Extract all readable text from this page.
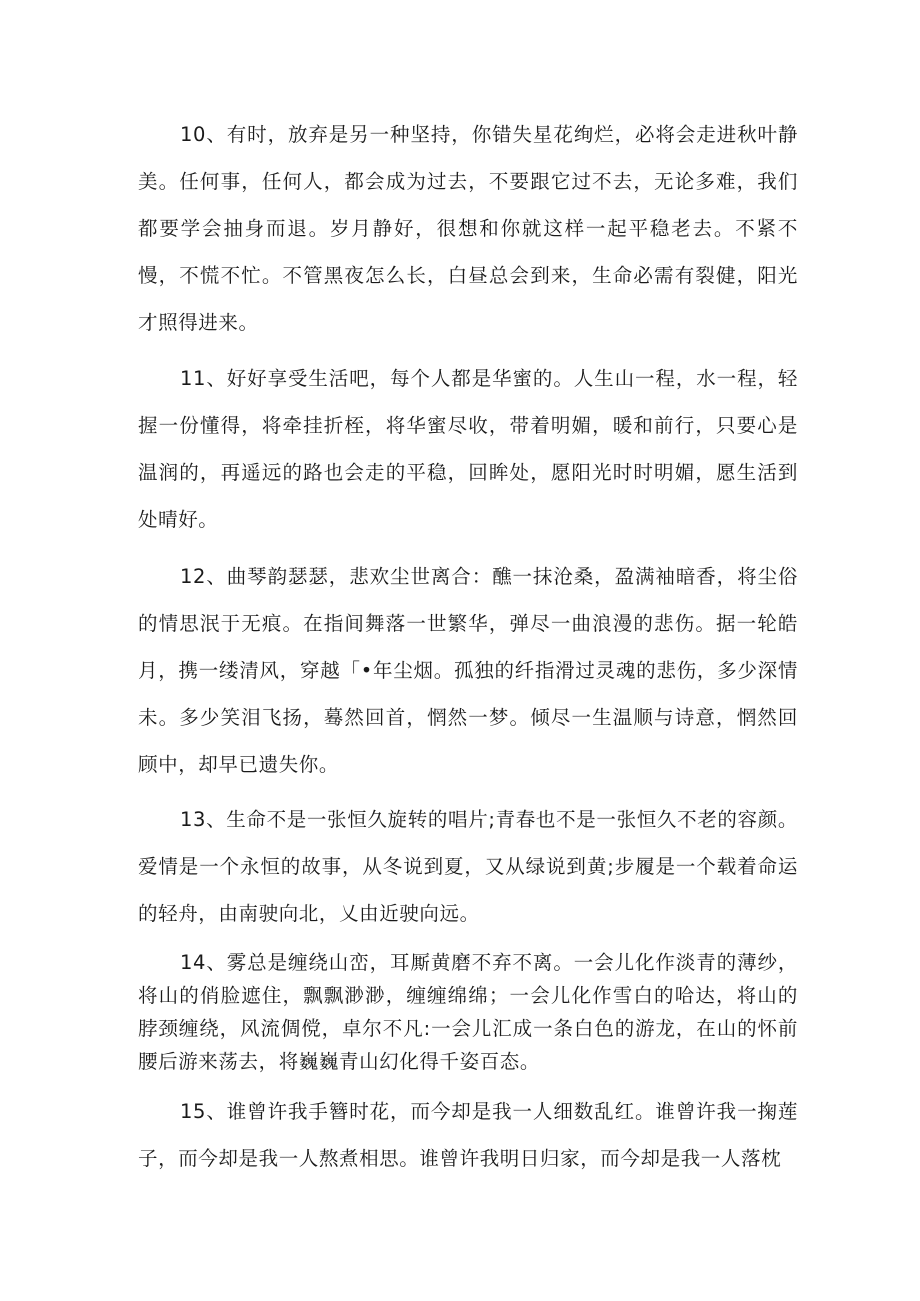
10、有时，放弃是另一种坚持，你错失星花绚烂，必将会走进秋叶静美。任何事，任何人，都会成为过去，不要跟它过不去，无论多难，我们都要学会抽身而退。岁月静好，很想和你就这样一起平稳老去。不紧不慢，不慌不忙。不管黑夜怎么长，白昼总会到来，生命必需有裂健，阳光才照得进来。

11、好好享受生活吧，每个人都是华蜜的。人生山一程，水一程，轻握一份懂得，将牵挂折桎，将华蜜尽收，带着明媚，暖和前行，只要心是温润的，再遥远的路也会走的平稳，回眸处，愿阳光时时明媚，愿生活到处晴好。

12、曲琴韵瑟瑟，悲欢尘世离合：醮一抹沧桑，盈满袖暗香，将尘俗的情思泯于无痕。在指间舞落一世繁华，弹尽一曲浪漫的悲伤。据一轮皓月，携一缕清风，穿越「•年尘烟。孤独的纤指滑过灵魂的悲伤，多少深情未。多少笑泪飞扬，蓦然回首，惘然一梦。倾尽一生温顺与诗意，惘然回顾中，却早已遗失你。

13、生命不是一张恒久旋转的唱片;青春也不是一张恒久不老的容颜。爱情是一个永恒的故事，从冬说到夏，又从绿说到黄;步履是一个载着命运的轻舟，由南驶向北，乂由近驶向远。

14、雾总是缠绕山峦，耳厮黄磨不弃不离。一会儿化作淡青的薄纱，将山的俏脸遮住，飘飘渺渺，缠缠绵绵；一会儿化作雪白的哈达，将山的脖颈缠绕，风流倜傥，卓尔不凡:一会儿汇成一条白色的游龙，在山的怀前腰后游来荡去，将巍巍青山幻化得千姿百态。

15、谁曾许我手簪时花，而今却是我一人细数乱红。谁曾许我一掬莲子，而今却是我一人熬煮相思。谁曾许我明日归家，而今却是我一人落枕
